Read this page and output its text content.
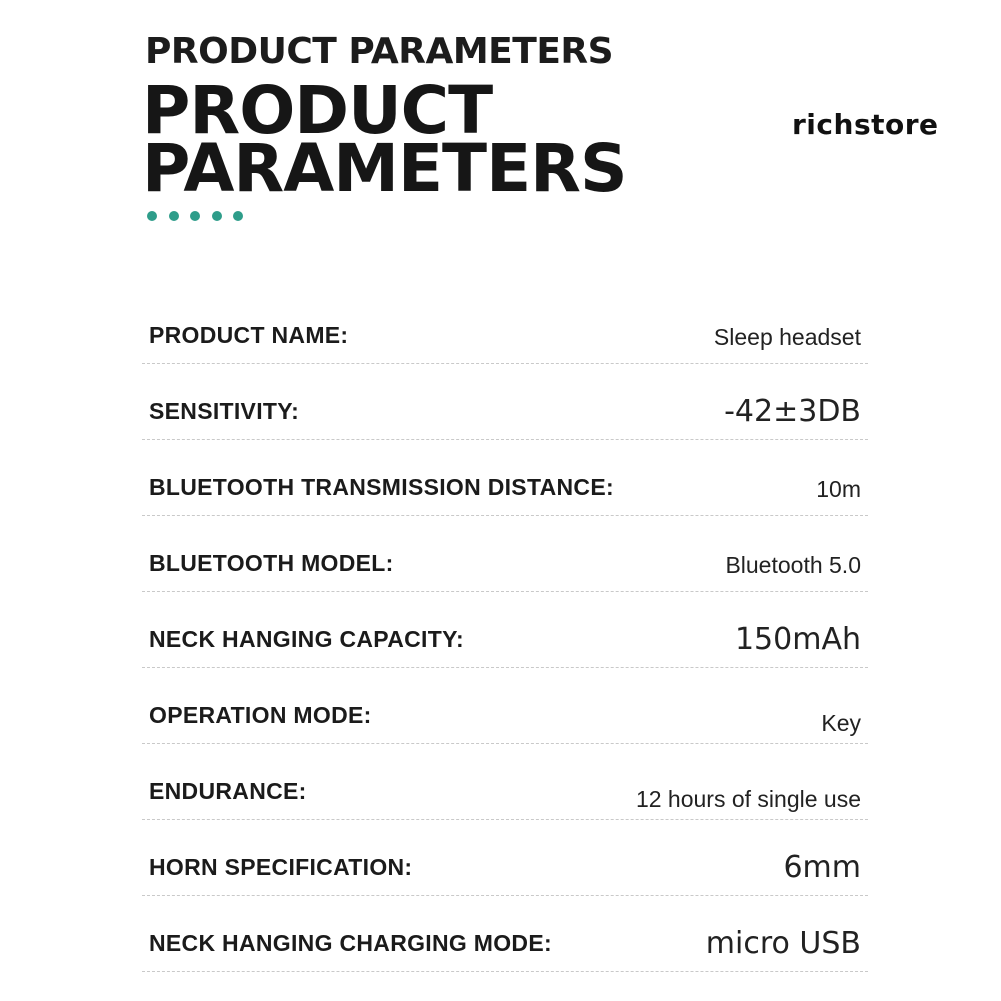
PRODUCT PARAMETERS
PRODUCT
PARAMETERS
richstore
PRODUCT NAME:	Sleep headset
SENSITIVITY:	-42±3DB
BLUETOOTH TRANSMISSION DISTANCE:	10m
BLUETOOTH MODEL:	Bluetooth 5.0
NECK HANGING CAPACITY:	150mAh
OPERATION MODE:	Key
ENDURANCE:	12 hours of single use
HORN SPECIFICATION:	6mm
NECK HANGING CHARGING MODE:	micro USB
